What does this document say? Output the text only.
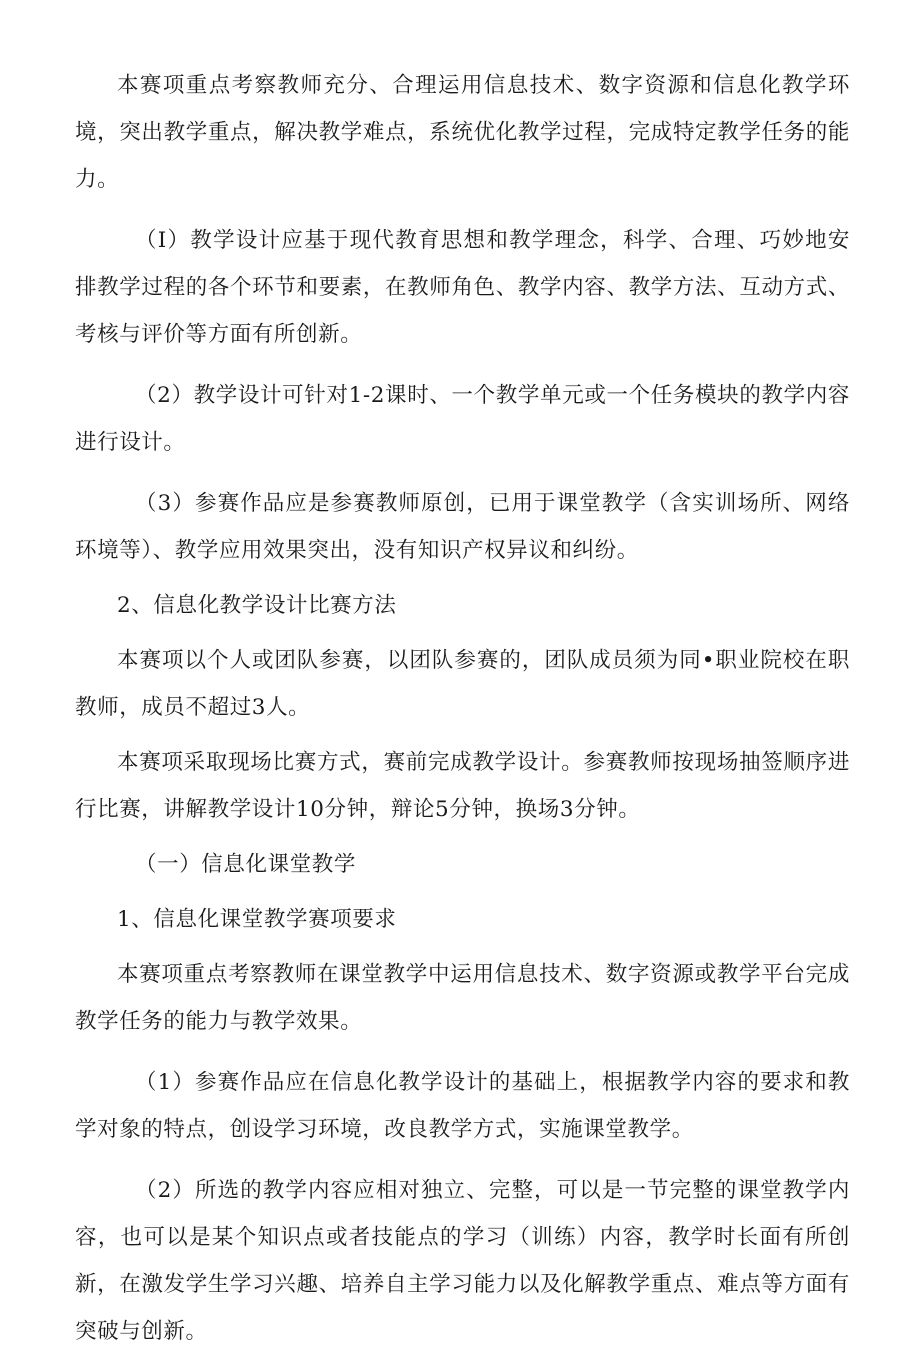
本赛项重点考察教师充分、合理运用信息技术、数字资源和信息化教学环境，突出教学重点，解决教学难点，系统优化教学过程，完成特定教学任务的能力。

（I）教学设计应基于现代教育思想和教学理念，科学、合理、巧妙地安排教学过程的各个环节和要素，在教师角色、教学内容、教学方法、互动方式、考核与评价等方面有所创新。

（2）教学设计可针对1-2课时、一个教学单元或一个任务模块的教学内容进行设计。

（3）参赛作品应是参赛教师原创，已用于课堂教学（含实训场所、网络环境等）、教学应用效果突出，没有知识产权异议和纠纷。

2、信息化教学设计比赛方法

本赛项以个人或团队参赛，以团队参赛的，团队成员须为同•职业院校在职教师，成员不超过3人。

本赛项采取现场比赛方式，赛前完成教学设计。参赛教师按现场抽签顺序进行比赛，讲解教学设计10分钟，辩论5分钟，换场3分钟。

（一）信息化课堂教学

1、信息化课堂教学赛项要求

本赛项重点考察教师在课堂教学中运用信息技术、数字资源或教学平台完成教学任务的能力与教学效果。

（1）参赛作品应在信息化教学设计的基础上，根据教学内容的要求和教学对象的特点，创设学习环境，改良教学方式，实施课堂教学。

（2）所选的教学内容应相对独立、完整，可以是一节完整的课堂教学内容，也可以是某个知识点或者技能点的学习（训练）内容，教学时长面有所创新，在激发学生学习兴趣、培养自主学习能力以及化解教学重点、难点等方面有突破与创新。
